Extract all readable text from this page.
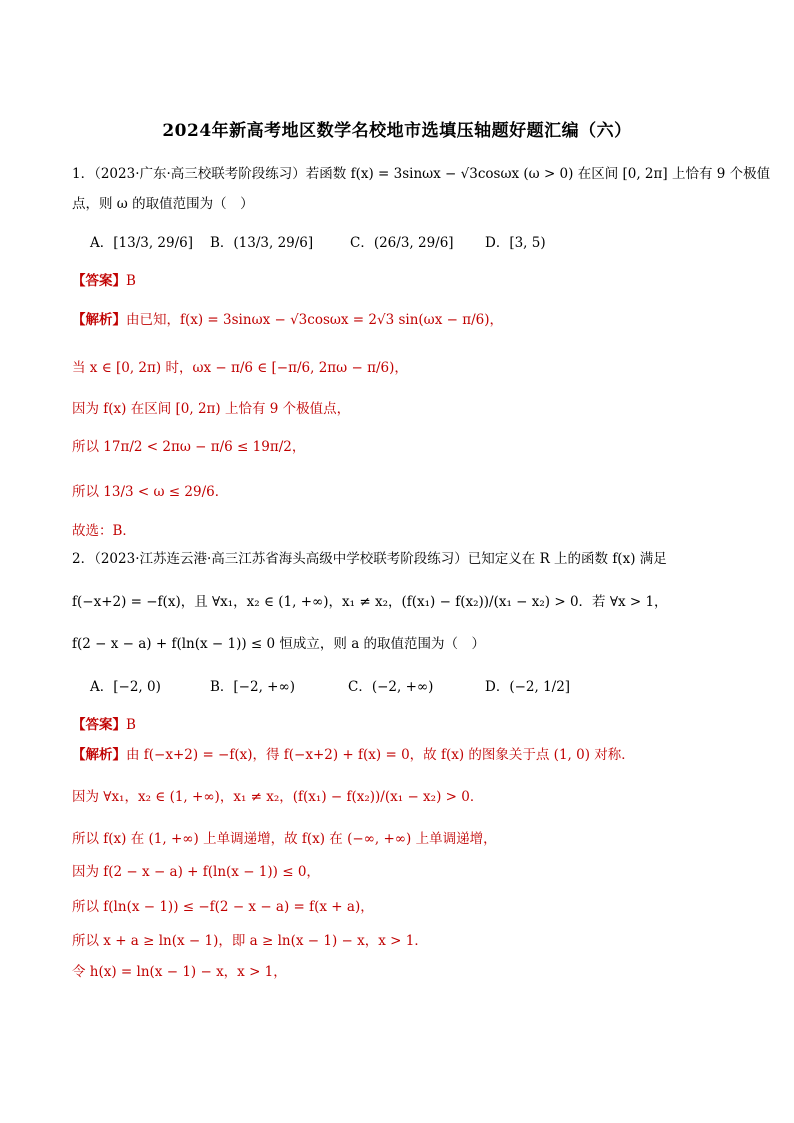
2024年新高考地区数学名校地市选填压轴题好题汇编（六）
1．（2023·广东·高三校联考阶段练习）若函数 f(x) = 3sinωx − √3cosωx (ω > 0) 在区间 [0, 2π] 上恰有 9 个极值
点，则 ω 的取值范围为（　）
A．[13/3, 29/6] B．(13/3, 29/6]	C．(26/3, 29/6] D．[3, 5)
【答案】B
【解析】由已知，f(x) = 3sinωx − √3cosωx = 2√3 sin(ωx − π/6)，
当 x ∈ [0, 2π) 时，ωx − π/6 ∈ [−π/6, 2πω − π/6)，
因为 f(x) 在区间 [0, 2π) 上恰有 9 个极值点，
所以 17π/2 < 2πω − π/6 ≤ 19π/2，
所以 13/3 < ω ≤ 29/6．
故选：B．
2．（2023·江苏连云港·高三江苏省海头高级中学校联考阶段练习）已知定义在 R 上的函数 f(x) 满足
f(−x+2) = −f(x)，且 ∀x₁，x₂ ∈ (1, +∞)，x₁ ≠ x₂，(f(x₁) − f(x₂))/(x₁ − x₂) > 0．若 ∀x > 1，
f(2 − x − a) + f(ln(x − 1)) ≤ 0 恒成立，则 a 的取值范围为（　）
A．[−2, 0)	B．[−2, +∞)	C．(−2, +∞)	D．(−2, 1/2]
【答案】B
【解析】由 f(−x+2) = −f(x)，得 f(−x+2) + f(x) = 0，故 f(x) 的图象关于点 (1, 0) 对称．
因为 ∀x₁，x₂ ∈ (1, +∞)，x₁ ≠ x₂，(f(x₁) − f(x₂))/(x₁ − x₂) > 0．
所以 f(x) 在 (1, +∞) 上单调递增，故 f(x) 在 (−∞, +∞) 上单调递增，
因为 f(2 − x − a) + f(ln(x − 1)) ≤ 0，
所以 f(ln(x − 1)) ≤ −f(2 − x − a) = f(x + a)，
所以 x + a ≥ ln(x − 1)，即 a ≥ ln(x − 1) − x，x > 1．
令 h(x) = ln(x − 1) − x，x > 1，
